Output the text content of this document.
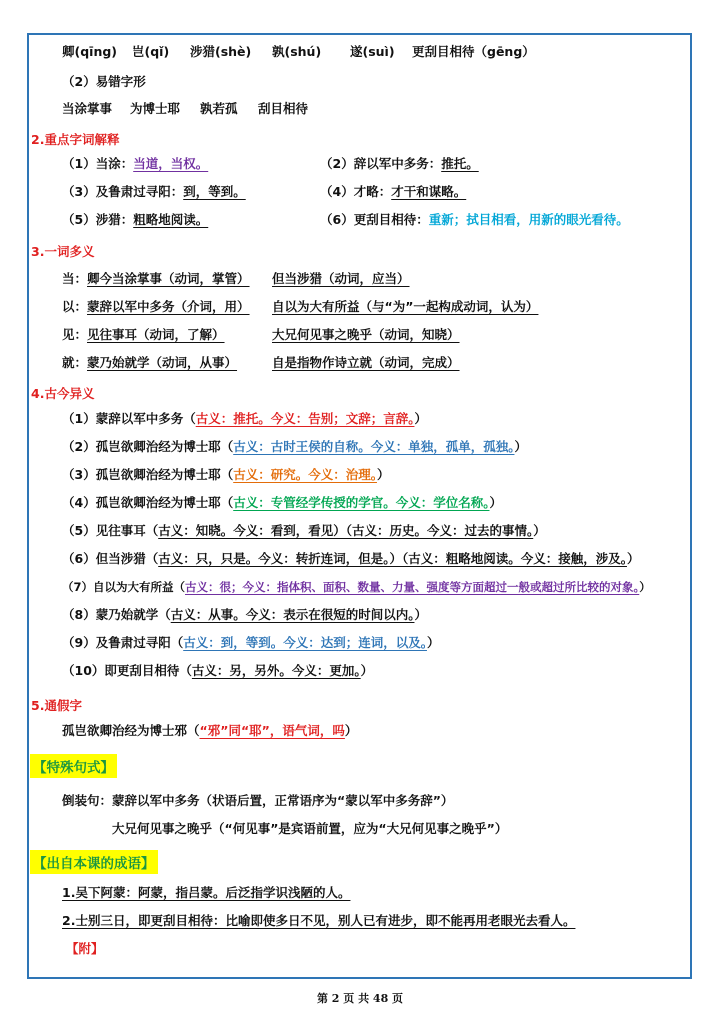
卿(qīng) 岂(qǐ) 涉猎(shè) 孰(shú) 遂(suì) 更刮目相待（gēng）
（2）易错字形
当涂掌事 为博士耶 孰若孤 刮目相待
2.重点字词解释
（1）当涂：当道，当权。	（2）辞以军中多务：推托。
（3）及鲁肃过寻阳：到，等到。	（4）才略：才干和谋略。
（5）涉猎：粗略地阅读。	（6）更刮目相待：重新；拭目相看，用新的眼光看待。
3.一词多义
当：卿今当涂掌事（动词，掌管） 但当涉猎（动词，应当）
以：蒙辞以军中多务（介词，用） 自以为大有所益（与“为”一起构成动词，认为）
见：见往事耳（动词，了解）	大兄何见事之晚乎（动词，知晓）
就：蒙乃始就学（动词，从事）	自是指物作诗立就（动词，完成）
4.古今异义
（1）蒙辞以军中多务（古义：推托。今义：告别；文辞；言辞。）
（2）孤岂欲卿治经为博士耶（古义：古时王侯的自称。今义：单独，孤单，孤独。）
（3）孤岂欲卿治经为博士耶（古义：研究。今义：治理。）
（4）孤岂欲卿治经为博士耶（古义：专管经学传授的学官。今义：学位名称。）
（5）见往事耳（古义：知晓。今义：看到，看见）（古义：历史。今义：过去的事情。）
（6）但当涉猎（古义：只，只是。今义：转折连词，但是。）（古义：粗略地阅读。今义：接触，涉及。）
（7）自以为大有所益（古义：很；今义：指体积、面积、数量、力量、强度等方面超过一般或超过所比较的对象。）
（8）蒙乃始就学（古义：从事。今义：表示在很短的时间以内。）
（9）及鲁肃过寻阳（古义：到，等到。今义：达到；连词，以及。）
（10）即更刮目相待（古义：另，另外。今义：更加。）
5.通假字
孤岂欲卿治经为博士邪（“邪”同“耶”，语气词，吗）
【特殊句式】
倒装句：蒙辞以军中多务（状语后置，正常语序为“蒙以军中多务辞”）
大兄何见事之晚乎（“何见事”是宾语前置，应为“大兄何见事之晚乎”）
【出自本课的成语】
1.吴下阿蒙：阿蒙，指吕蒙。后泛指学识浅陋的人。
2.士别三日，即更刮目相待：比喻即使多日不见，别人已有进步，即不能再用老眼光去看人。
【附】
第 2 页 共 48 页
